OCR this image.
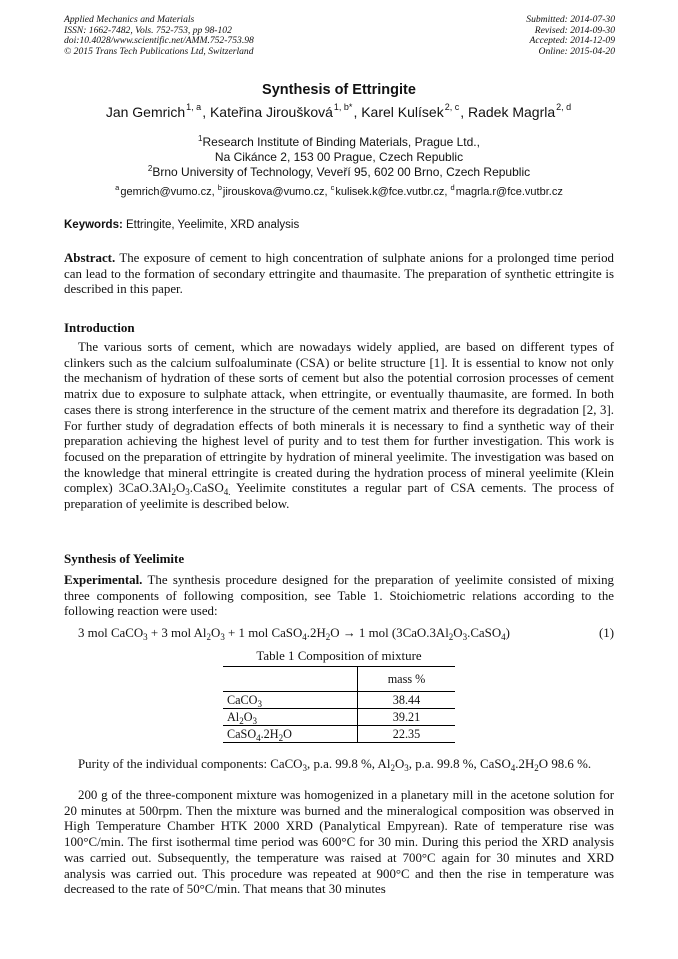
Applied Mechanics and Materials
ISSN: 1662-7482, Vols. 752-753, pp 98-102
doi:10.4028/www.scientific.net/AMM.752-753.98
© 2015 Trans Tech Publications Ltd, Switzerland
Submitted: 2014-07-30
Revised: 2014-09-30
Accepted: 2014-12-09
Online: 2015-04-20
Synthesis of Ettringite
Jan Gemrich$^{1, a}$, Kateřina Jiroušková$^{1, b*}$, Karel Kulísek$^{2, c}$, Radek Magrla$^{2, d}$
$^1$Research Institute of Binding Materials, Prague Ltd.,
Na Cikánce 2, 153 00 Prague, Czech Republic
$^2$Brno University of Technology, Veveří 95, 602 00 Brno, Czech Republic
$^a$gemrich@vumo.cz, $^b$jirouskova@vumo.cz, $^c$kulisek.k@fce.vutbr.cz, $^d$magrla.r@fce.vutbr.cz
Keywords: Ettringite, Yeelimite, XRD analysis

Abstract. The exposure of cement to high concentration of sulphate anions for a prolonged time period can lead to the formation of secondary ettringite and thaumasite. The preparation of synthetic ettringite is described in this paper.

Introduction

The various sorts of cement, which are nowadays widely applied, are based on different types of clinkers such as the calcium sulfoaluminate (CSA) or belite structure [1]. It is essential to know not only the mechanism of hydration of these sorts of cement but also the potential corrosion processes of cement matrix due to exposure to sulphate attack, when ettringite, or eventually thaumasite, are formed. In both cases there is strong interference in the structure of the cement matrix and therefore its degradation [2, 3]. For further study of degradation effects of both minerals it is necessary to find a synthetic way of their preparation achieving the highest level of purity and to test them for further investigation. This work is focused on the preparation of ettringite by hydration of mineral yeelimite. The investigation was based on the knowledge that mineral ettringite is created during the hydration process of mineral yeelimite (Klein complex) $3CaO.3Al_2O_3.CaSO_{4.}$ Yeelimite constitutes a regular part of CSA cements. The process of preparation of yeelimite is described below.

Synthesis of Yeelimite

Experimental. The synthesis procedure designed for the preparation of yeelimite consisted of mixing three components of following composition, see Table 1. Stoichiometric relations according to the following reaction were used:

3 mol CaCO$_3$ + 3 mol $Al_2O_3 + 1$ mol $CaSO_4.2H_2O \to 1$ mol $(3CaO.3Al_2O_3.CaSO_4)$	(1)
Table 1 Composition of mixture
	mass %
CaCO$_3$	38.44
$Al_2O_3$	39.21
$CaSO_4.2H_2O$	22.35

Purity of the individual components: CaCO$_3$, p.a. 99.8 %, $Al_2O_3$, p.a. 99.8 %, $CaSO_4.2H_2O$ 98.6 %.

200 g of the three-component mixture was homogenized in a planetary mill in the acetone solution for 20 minutes at 500rpm. Then the mixture was burned and the mineralogical composition was observed in High Temperature Chamber HTK 2000 XRD (Panalytical Empyrean). Rate of temperature rise was 100°C/min. The first isothermal time period was 600°C for 30 min. During this period the XRD analysis was carried out. Subsequently, the temperature was raised at 700°C again for 30 minutes and XRD analysis was carried out. This procedure was repeated at 900°C and then the rise in temperature was decreased to the rate of 50°C/min. That means that 30 minutes
